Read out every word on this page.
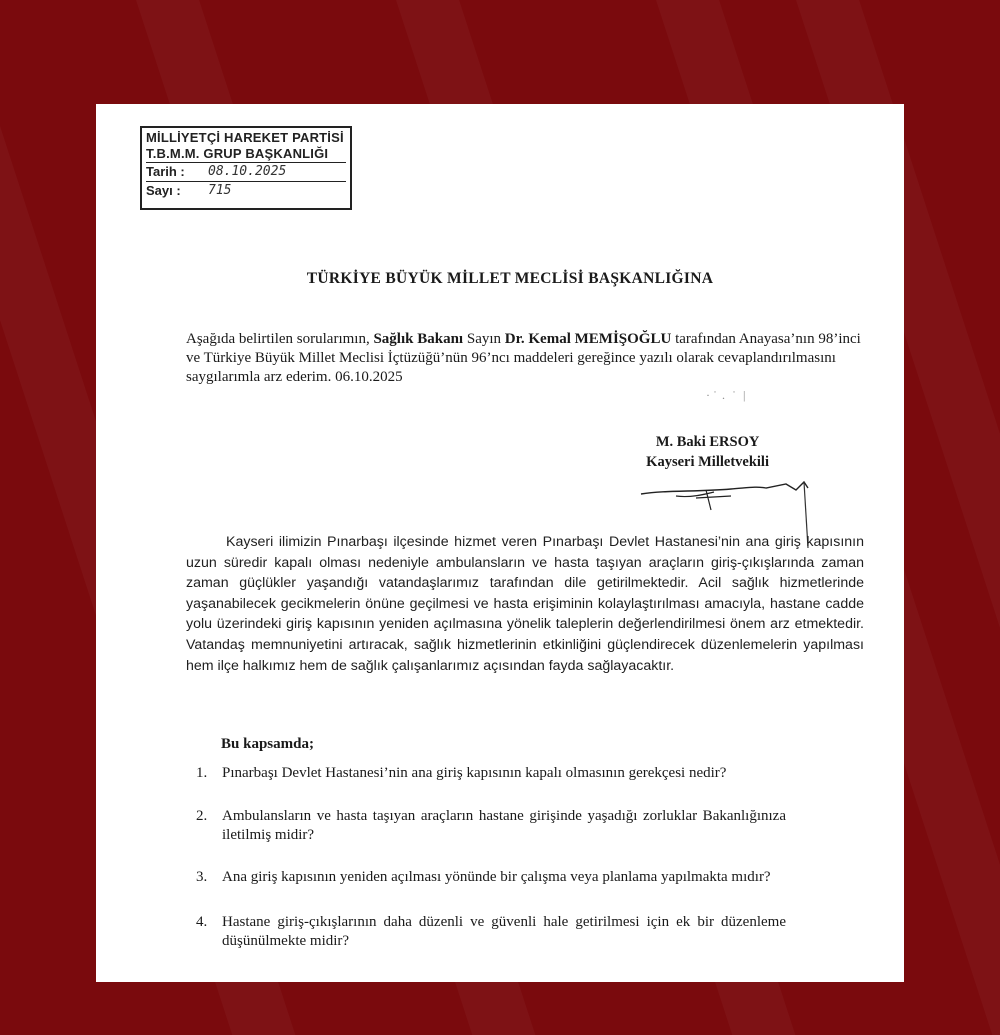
MİLLİYETÇİ HAREKET PARTİSİ
T.B.M.M. GRUP BAŞKANLIĞI
Tarih : 08.10.2025
Sayı : 715
TÜRKİYE BÜYÜK MİLLET MECLİSİ BAŞKANLIĞINA
Aşağıda belirtilen sorularımın, Sağlık Bakanı Sayın Dr. Kemal MEMİŞOĞLU tarafından Anayasa’nın 98’inci ve Türkiye Büyük Millet Meclisi İçtüzüğü’nün 96’ncı maddeleri gereğince yazılı olarak cevaplandırılmasını saygılarımla arz ederim. 06.10.2025
· ̇ . ˙ |
M. Baki ERSOY
Kayseri Milletvekili
Kayseri ilimizin Pınarbaşı ilçesinde hizmet veren Pınarbaşı Devlet Hastanesi’nin ana giriş kapısının uzun süredir kapalı olması nedeniyle ambulansların ve hasta taşıyan araçların giriş-çıkışlarında zaman zaman güçlükler yaşandığı vatandaşlarımız tarafından dile getirilmektedir. Acil sağlık hizmetlerinde yaşanabilecek gecikmelerin önüne geçilmesi ve hasta erişiminin kolaylaştırılması amacıyla, hastane cadde yolu üzerindeki giriş kapısının yeniden açılmasına yönelik taleplerin değerlendirilmesi önem arz etmektedir. Vatandaş memnuniyetini artıracak, sağlık hizmetlerinin etkinliğini güçlendirecek düzenlemelerin yapılması hem ilçe halkımız hem de sağlık çalışanlarımız açısından fayda sağlayacaktır.
Bu kapsamda;
1. Pınarbaşı Devlet Hastanesi’nin ana giriş kapısının kapalı olmasının gerekçesi nedir?
2. Ambulansların ve hasta taşıyan araçların hastane girişinde yaşadığı zorluklar Bakanlığınıza iletilmiş midir?
3. Ana giriş kapısının yeniden açılması yönünde bir çalışma veya planlama yapılmakta mıdır?
4. Hastane giriş-çıkışlarının daha düzenli ve güvenli hale getirilmesi için ek bir düzenleme düşünülmekte midir?
